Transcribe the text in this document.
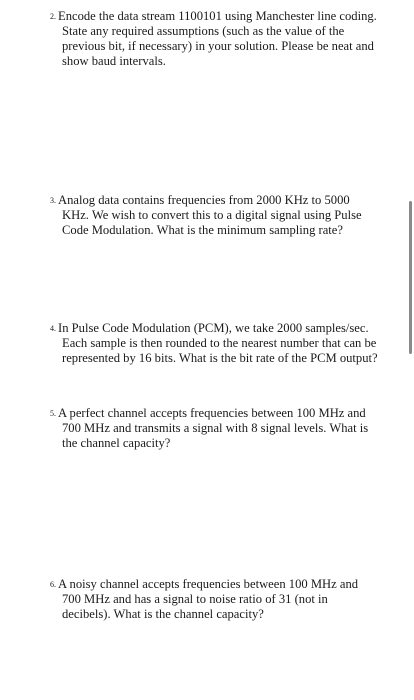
2. Encode the data stream 1100101 using Manchester line coding.
State any required assumptions (such as the value of the
previous bit, if necessary) in your solution. Please be neat and
show baud intervals.
3. Analog data contains frequencies from 2000 KHz to 5000
KHz. We wish to convert this to a digital signal using Pulse
Code Modulation. What is the minimum sampling rate?
4. In Pulse Code Modulation (PCM), we take 2000 samples/sec.
Each sample is then rounded to the nearest number that can be
represented by 16 bits. What is the bit rate of the PCM output?
5. A perfect channel accepts frequencies between 100 MHz and
700 MHz and transmits a signal with 8 signal levels. What is
the channel capacity?
6. A noisy channel accepts frequencies between 100 MHz and
700 MHz and has a signal to noise ratio of 31 (not in
decibels). What is the channel capacity?
